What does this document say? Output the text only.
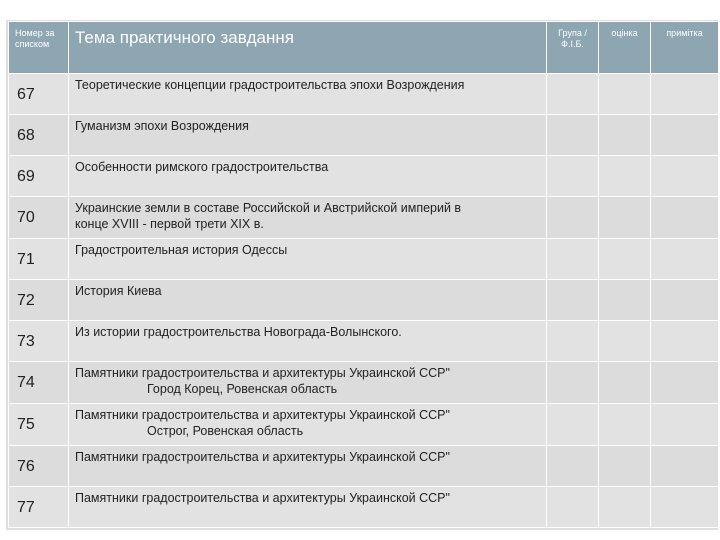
Номер за списком	Тема практичного завдання	Група / Ф.І.Б.	оцінка	примітка
67	Теоретические концепции градостроительства эпохи Возрождения			
68	Гуманизм эпохи Возрождения			
69	Особенности римского градостроительства			
70	Украинские земли в составе Российской и Австрийской империй в
конце XVIII - первой трети XIX в.			

71	Градостроительная история Одессы			
72	История Киева			
73	Из истории градостроительства Новограда-Волынского.			
74	Памятники градостроительства и архитектуры Украинской ССР"
Город Корец, Ровенская область			

75	Памятники градостроительства и архитектуры Украинской ССР"
Острог, Ровенская область			

76	Памятники градостроительства и архитектуры Украинской ССР"			
77	Памятники градостроительства и архитектуры Украинской ССР"			
